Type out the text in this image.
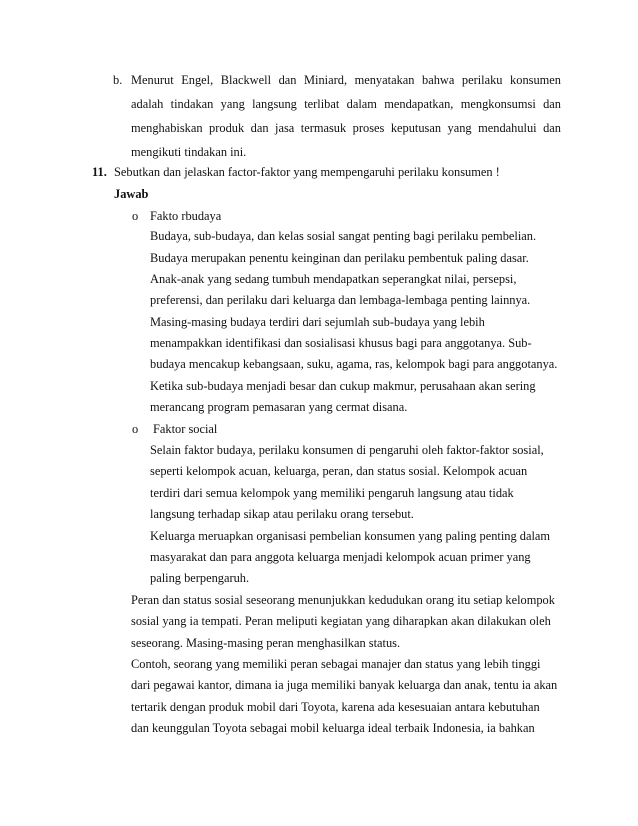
b. Menurut Engel, Blackwell dan Miniard, menyatakan bahwa perilaku konsumen
adalah tindakan yang langsung terlibat dalam mendapatkan, mengkonsumsi dan
menghabiskan produk dan jasa termasuk proses keputusan yang mendahului dan
mengikuti tindakan ini.
11. Sebutkan dan jelaskan factor-faktor yang mempengaruhi perilaku konsumen !
Jawab
o Fakto rbudaya
Budaya, sub-budaya, dan kelas sosial sangat penting bagi perilaku pembelian.
Budaya merupakan penentu keinginan dan perilaku pembentuk paling dasar.
Anak-anak yang sedang tumbuh mendapatkan seperangkat nilai, persepsi,
preferensi, dan perilaku dari keluarga dan lembaga-lembaga penting lainnya.
Masing-masing budaya terdiri dari sejumlah sub-budaya yang lebih
menampakkan identifikasi dan sosialisasi khusus bagi para anggotanya. Sub-
budaya mencakup kebangsaan, suku, agama, ras, kelompok bagi para anggotanya.
Ketika sub-budaya menjadi besar dan cukup makmur, perusahaan akan sering
merancang program pemasaran yang cermat disana.
o Faktor social
Selain faktor budaya, perilaku konsumen di pengaruhi oleh faktor-faktor sosial,
seperti kelompok acuan, keluarga, peran, dan status sosial. Kelompok acuan
terdiri dari semua kelompok yang memiliki pengaruh langsung atau tidak
langsung terhadap sikap atau perilaku orang tersebut.
Keluarga meruapkan organisasi pembelian konsumen yang paling penting dalam
masyarakat dan para anggota keluarga menjadi kelompok acuan primer yang
paling berpengaruh.
Peran dan status sosial seseorang menunjukkan kedudukan orang itu setiap kelompok
sosial yang ia tempati. Peran meliputi kegiatan yang diharapkan akan dilakukan oleh
seseorang. Masing-masing peran menghasilkan status.
Contoh, seorang yang memiliki peran sebagai manajer dan status yang lebih tinggi
dari pegawai kantor, dimana ia juga memiliki banyak keluarga dan anak, tentu ia akan
tertarik dengan produk mobil dari Toyota, karena ada kesesuaian antara kebutuhan
dan keunggulan Toyota sebagai mobil keluarga ideal terbaik Indonesia, ia bahkan
